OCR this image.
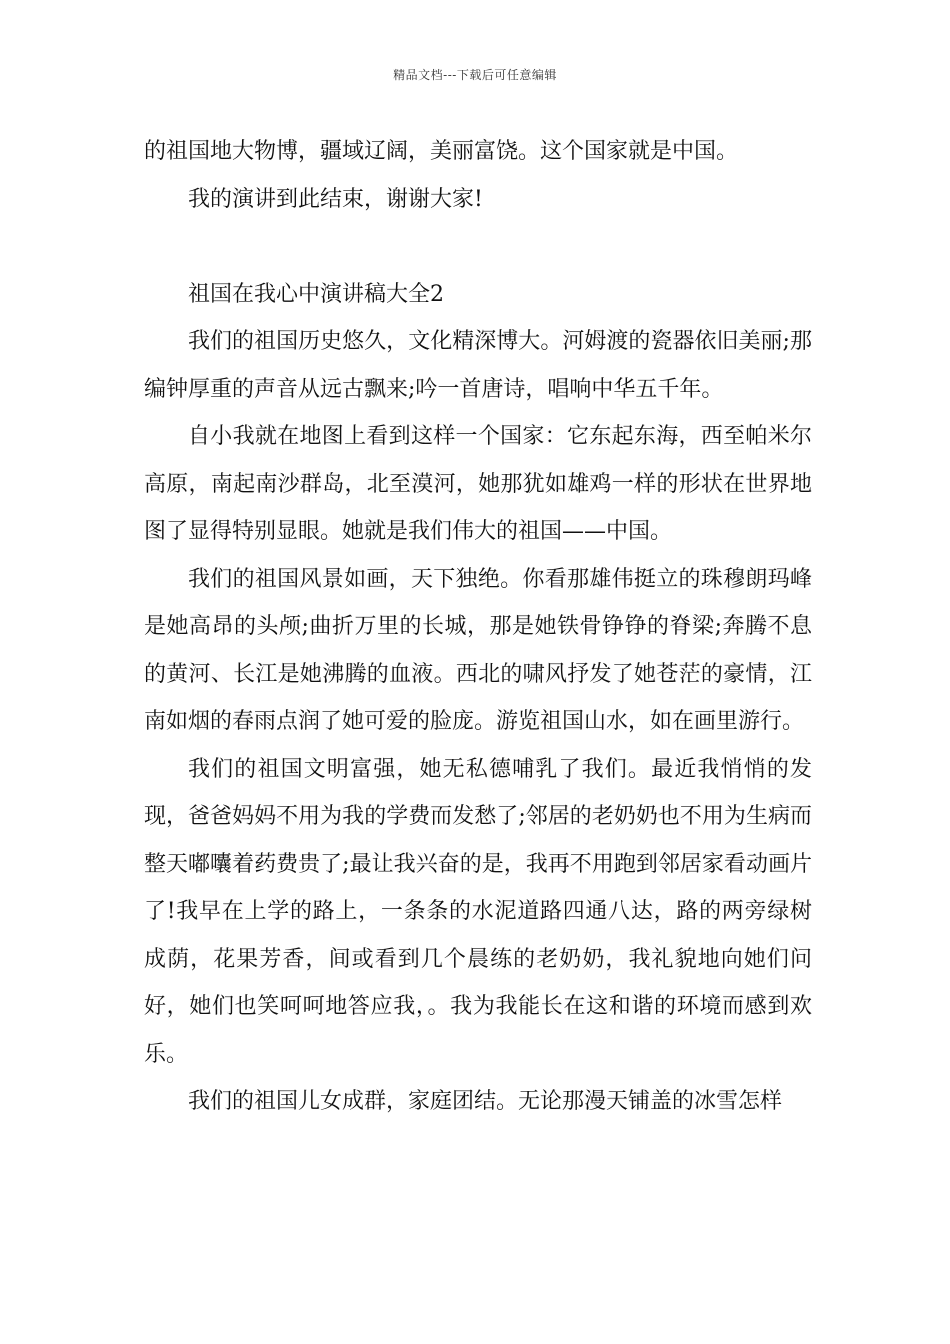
精品文档---下载后可任意编辑

的祖国地大物博，疆域辽阔，美丽富饶。这个国家就是中国。

我的演讲到此结束，谢谢大家!

祖国在我心中演讲稿大全2

我们的祖国历史悠久，文化精深博大。河姆渡的瓷器依旧美丽;那编钟厚重的声音从远古飘来;吟一首唐诗，唱响中华五千年。

自小我就在地图上看到这样一个国家：它东起东海，西至帕米尔高原，南起南沙群岛，北至漠河，她那犹如雄鸡一样的形状在世界地图了显得特别显眼。她就是我们伟大的祖国——中国。

我们的祖国风景如画，天下独绝。你看那雄伟挺立的珠穆朗玛峰是她高昂的头颅;曲折万里的长城，那是她铁骨铮铮的脊梁;奔腾不息的黄河、长江是她沸腾的血液。西北的啸风抒发了她苍茫的豪情，江南如烟的春雨点润了她可爱的脸庞。游览祖国山水，如在画里游行。

我们的祖国文明富强，她无私德哺乳了我们。最近我悄悄的发现，爸爸妈妈不用为我的学费而发愁了;邻居的老奶奶也不用为生病而整天嘟囔着药费贵了;最让我兴奋的是，我再不用跑到邻居家看动画片了!我早在上学的路上，一条条的水泥道路四通八达，路的两旁绿树成荫，花果芳香，间或看到几个晨练的老奶奶，我礼貌地向她们问好，她们也笑呵呵地答应我，。我为我能长在这和谐的环境而感到欢乐。

我们的祖国儿女成群，家庭团结。无论那漫天铺盖的冰雪怎样
